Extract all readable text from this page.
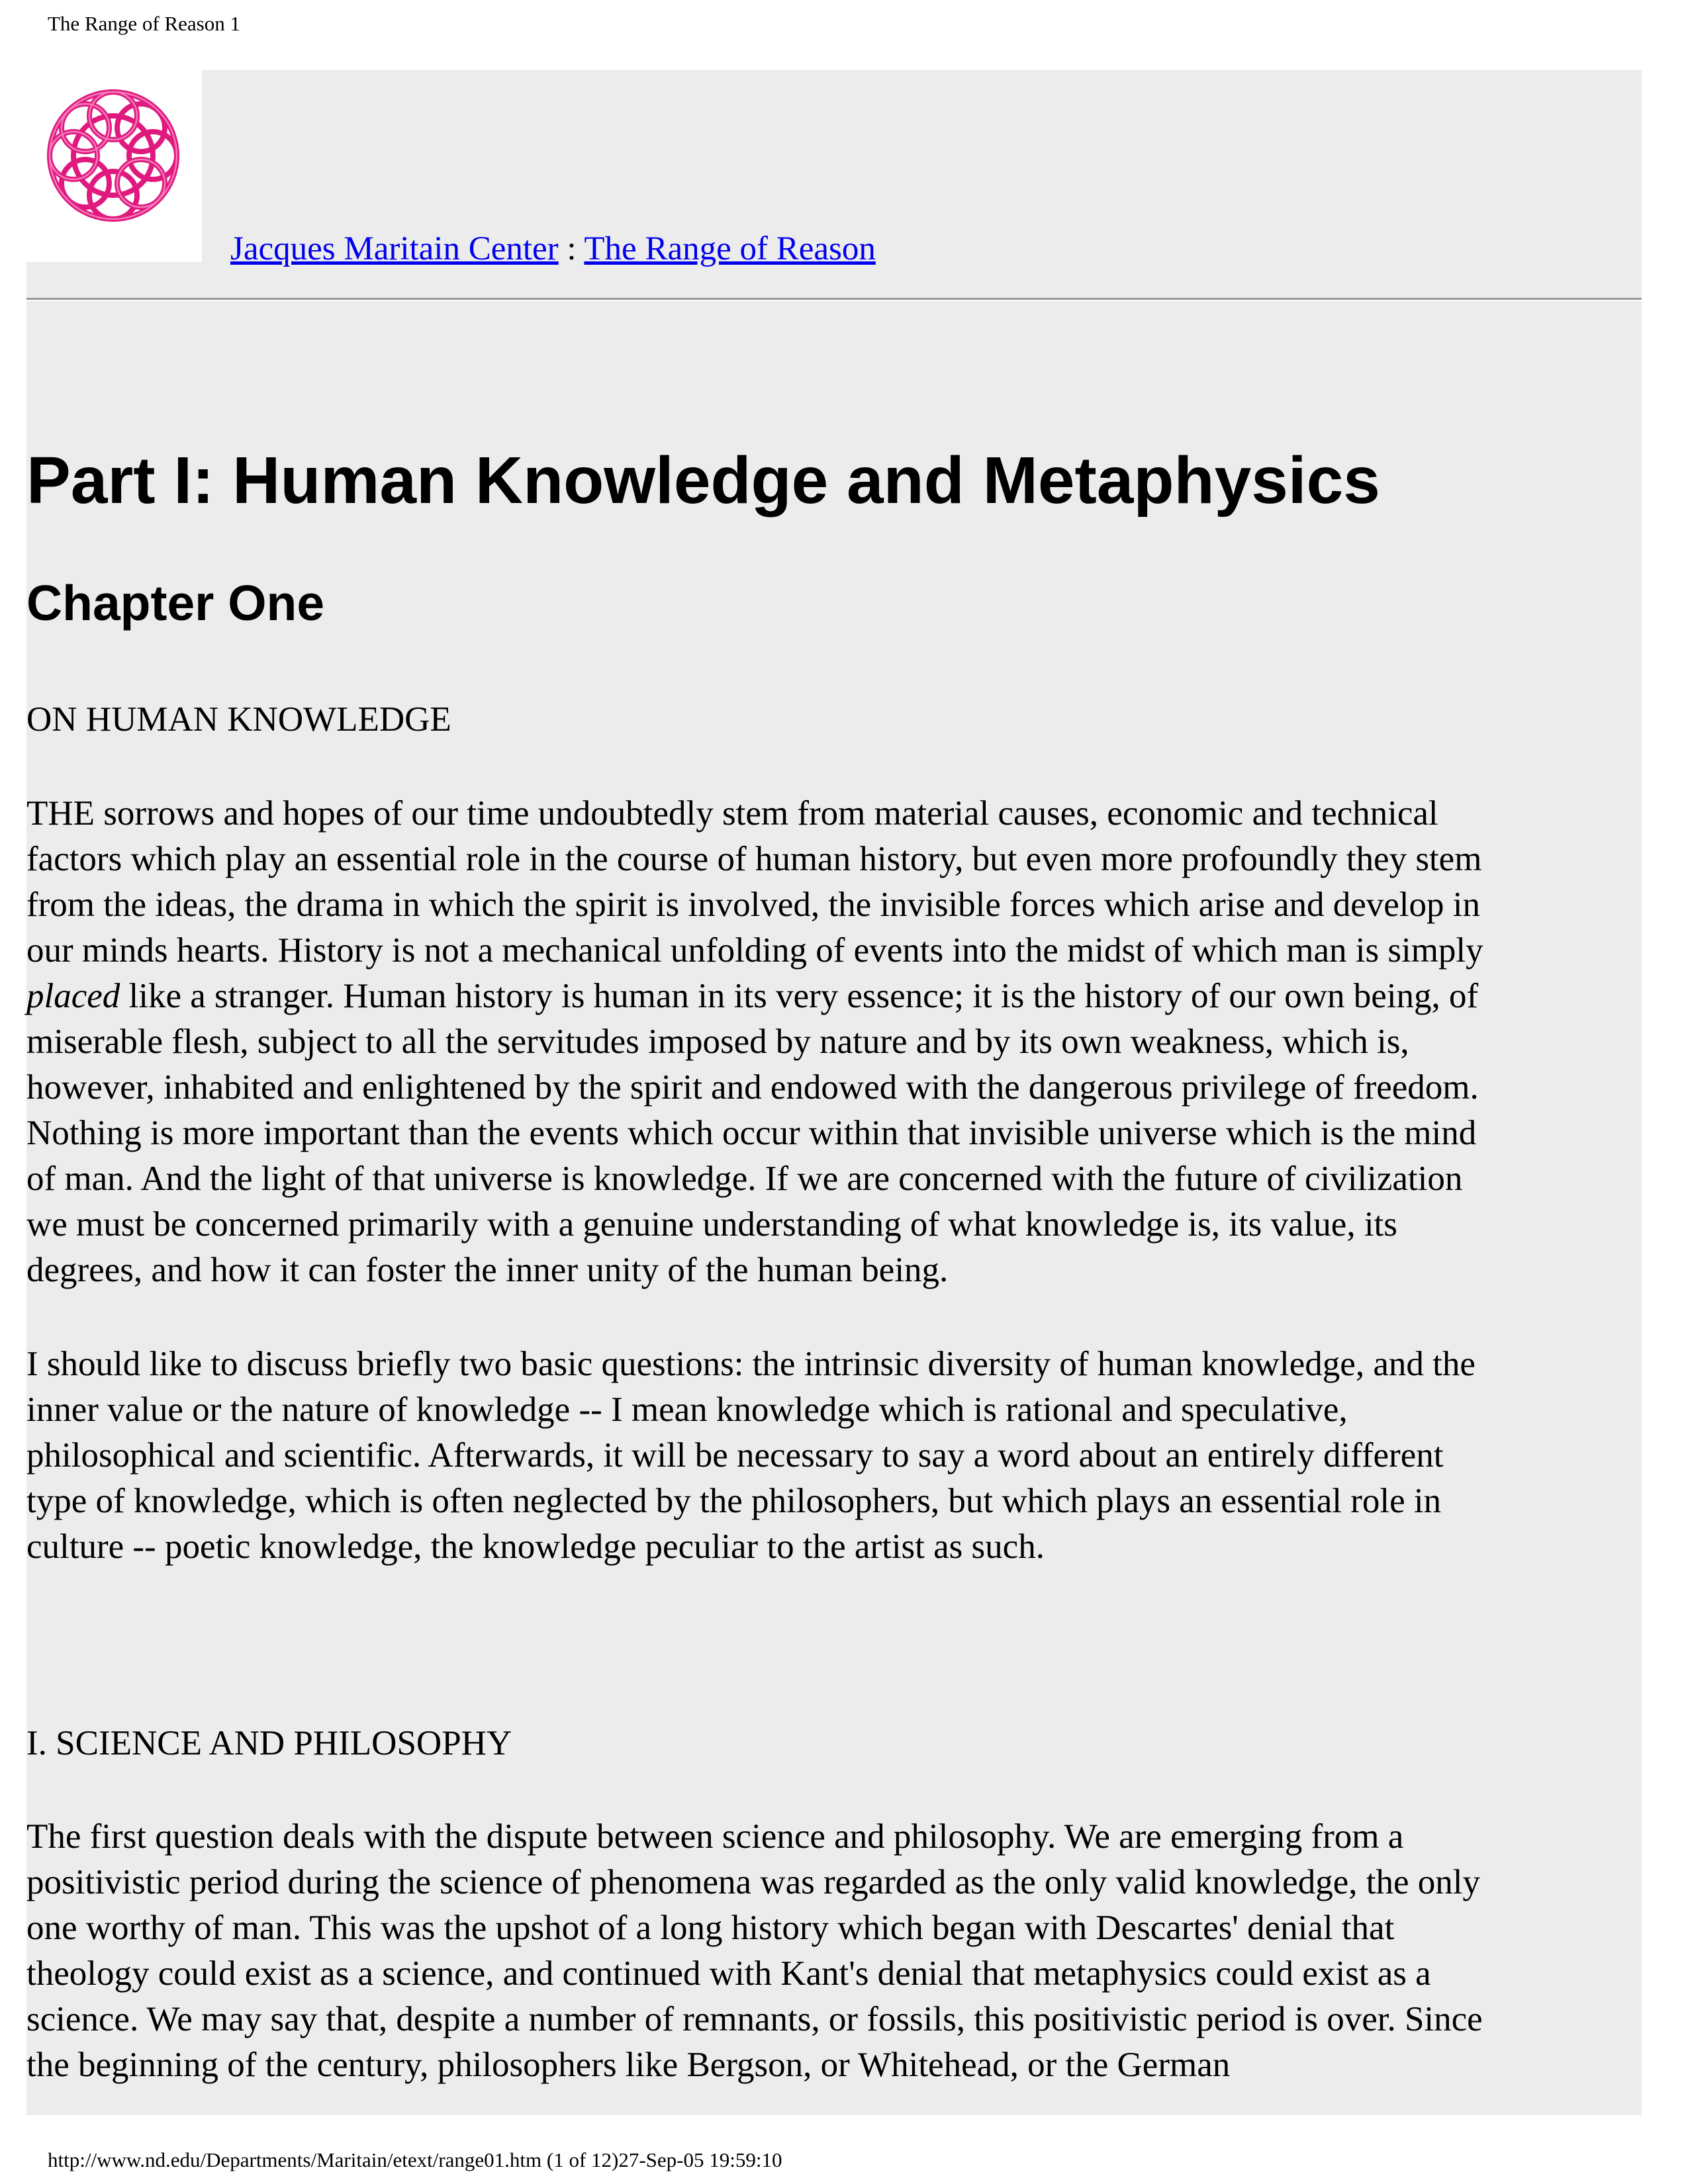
The Range of Reason 1
Jacques Maritain Center : The Range of Reason
Part I: Human Knowledge and Metaphysics
Chapter One
ON HUMAN KNOWLEDGE
THE sorrows and hopes of our time undoubtedly stem from material causes, economic and technical
factors which play an essential role in the course of human history, but even more profoundly they stem
from the ideas, the drama in which the spirit is involved, the invisible forces which arise and develop in
our minds hearts. History is not a mechanical unfolding of events into the midst of which man is simply
placed like a stranger. Human history is human in its very essence; it is the history of our own being, of
miserable flesh, subject to all the servitudes imposed by nature and by its own weakness, which is,
however, inhabited and enlightened by the spirit and endowed with the dangerous privilege of freedom.
Nothing is more important than the events which occur within that invisible universe which is the mind
of man. And the light of that universe is knowledge. If we are concerned with the future of civilization
we must be concerned primarily with a genuine understanding of what knowledge is, its value, its
degrees, and how it can foster the inner unity of the human being.
I should like to discuss briefly two basic questions: the intrinsic diversity of human knowledge, and the
inner value or the nature of knowledge -- I mean knowledge which is rational and speculative,
philosophical and scientific. Afterwards, it will be necessary to say a word about an entirely different
type of knowledge, which is often neglected by the philosophers, but which plays an essential role in
culture -- poetic knowledge, the knowledge peculiar to the artist as such.
I. SCIENCE AND PHILOSOPHY
The first question deals with the dispute between science and philosophy. We are emerging from a
positivistic period during the science of phenomena was regarded as the only valid knowledge, the only
one worthy of man. This was the upshot of a long history which began with Descartes' denial that
theology could exist as a science, and continued with Kant's denial that metaphysics could exist as a
science. We may say that, despite a number of remnants, or fossils, this positivistic period is over. Since
the beginning of the century, philosophers like Bergson, or Whitehead, or the German
http://www.nd.edu/Departments/Maritain/etext/range01.htm (1 of 12)27-Sep-05 19:59:10
